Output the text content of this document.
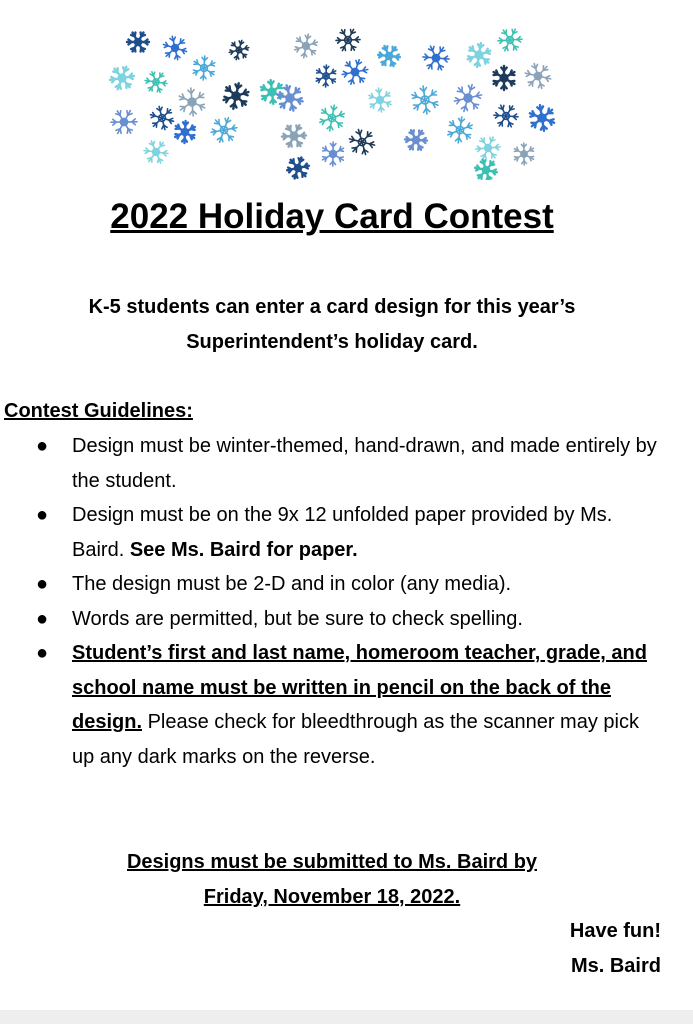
2022 Holiday Card Contest
K-5 students can enter a card design for this year’s
Superintendent’s holiday card.
Contest Guidelines:
● Design must be winter-themed, hand-drawn, and made entirely by the student.
● Design must be on the 9x 12 unfolded paper provided by Ms. Baird. See Ms. Baird for paper.
● The design must be 2-D and in color (any media).
● Words are permitted, but be sure to check spelling.
● Student’s first and last name, homeroom teacher, grade, and school name must be written in pencil on the back of the design. Please check for bleedthrough as the scanner may pick up any dark marks on the reverse.
Designs must be submitted to Ms. Baird by
Friday, November 18, 2022.
Have fun!
Ms. Baird
